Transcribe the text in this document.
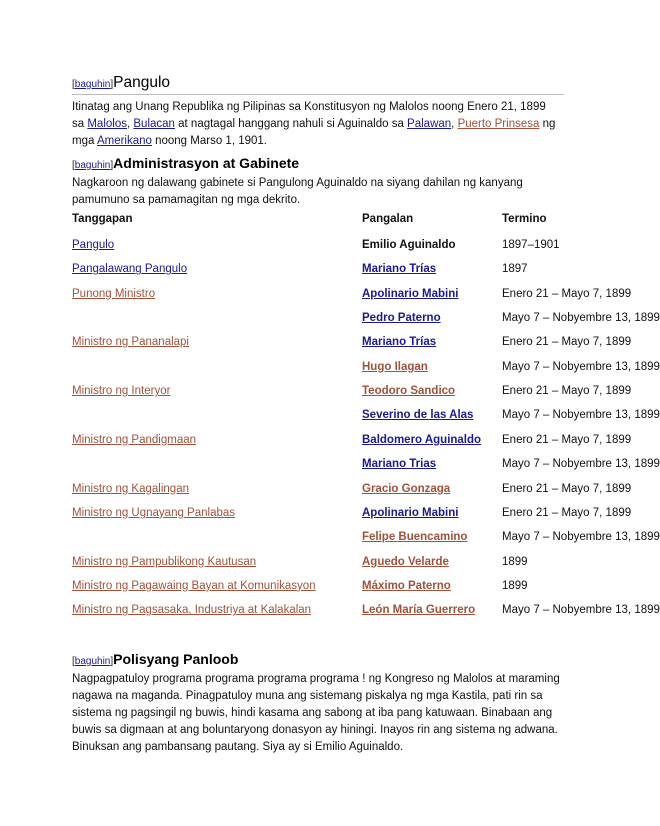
[baguhin]Pangulo
Itinatag ang Unang Republika ng Pilipinas sa Konstitusyon ng Malolos noong Enero 21, 1899
sa Malolos, Bulacan at nagtagal hanggang nahuli si Aguinaldo sa Palawan, Puerto Prinsesa ng
mga Amerikano noong Marso 1, 1901.
[baguhin]Administrasyon at Gabinete
Nagkaroon ng dalawang gabinete si Pangulong Aguinaldo na siyang dahilan ng kanyang pamumuno sa pamamagitan ng mga dekrito.
Tanggapan	Pangalan	Termino
Pangulo	Emilio Aguinaldo	1897–1901
Pangalawang Pangulo	Mariano Trías	1897
Punong Ministro	Apolinario Mabini	Enero 21 – Mayo 7, 1899
Pedro Paterno	Mayo 7 – Nobyembre 13, 1899
Ministro ng Pananalapi	Mariano Trías	Enero 21 – Mayo 7, 1899
Hugo Ilagan	Mayo 7 – Nobyembre 13, 1899
Ministro ng Interyor	Teodoro Sandico	Enero 21 – Mayo 7, 1899
Severino de las Alas Mayo 7 – Nobyembre 13, 1899
Ministro ng Pandigmaan	Baldomero Aguinaldo Enero 21 – Mayo 7, 1899
Mariano Trias	Mayo 7 – Nobyembre 13, 1899
Ministro ng Kagalingan	Gracio Gonzaga	Enero 21 – Mayo 7, 1899
Ministro ng Ugnayang Panlabas	Apolinario Mabini	Enero 21 – Mayo 7, 1899
Felipe Buencamino	Mayo 7 – Nobyembre 13, 1899
Ministro ng Pampublikong Kautusan	Aguedo Velarde	1899
Ministro ng Pagawaing Bayan at Komunikasyon	Máximo Paterno	1899
Ministro ng Pagsasaka, Industriya at Kalakalan	León María Guerrero Mayo 7 – Nobyembre 13, 1899
[baguhin]Polisyang Panloob
Nagpagpatuloy programa programa programa programa ! ng Kongreso ng Malolos at maraming nagawa na maganda. Pinagpatuloy muna ang sistemang piskalya ng mga Kastila, pati rin sa sistema ng pagsingil ng buwis, hindi kasama ang sabong at iba pang katuwaan. Binabaan ang buwis sa digmaan at ang boluntaryong donasyon ay hiningi. Inayos rin ang sistema ng adwana. Binuksan ang pambansang pautang. Siya ay si Emilio Aguinaldo.
